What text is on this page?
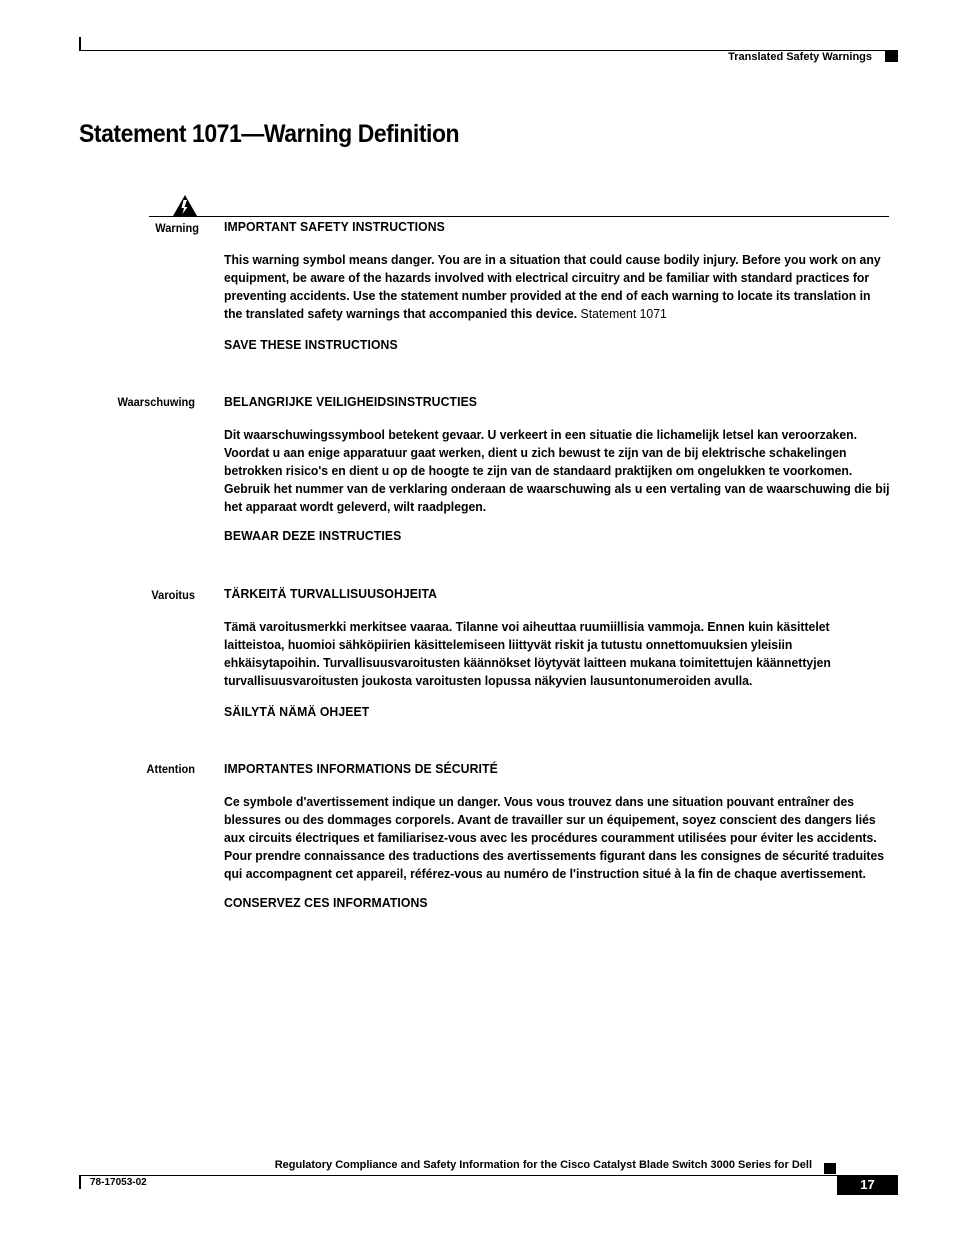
Translated Safety Warnings
Statement 1071—Warning Definition
Warning IMPORTANT SAFETY INSTRUCTIONS
This warning symbol means danger. You are in a situation that could cause bodily injury. Before you work on any equipment, be aware of the hazards involved with electrical circuitry and be familiar with standard practices for preventing accidents. Use the statement number provided at the end of each warning to locate its translation in the translated safety warnings that accompanied this device. Statement 1071
SAVE THESE INSTRUCTIONS
Waarschuwing BELANGRIJKE VEILIGHEIDSINSTRUCTIES
Dit waarschuwingssymbool betekent gevaar. U verkeert in een situatie die lichamelijk letsel kan veroorzaken. Voordat u aan enige apparatuur gaat werken, dient u zich bewust te zijn van de bij elektrische schakelingen betrokken risico's en dient u op de hoogte te zijn van de standaard praktijken om ongelukken te voorkomen. Gebruik het nummer van de verklaring onderaan de waarschuwing als u een vertaling van de waarschuwing die bij het apparaat wordt geleverd, wilt raadplegen.
BEWAAR DEZE INSTRUCTIES
Varoitus TÄRKEITÄ TURVALLISUUSOHJEITA
Tämä varoitusmerkki merkitsee vaaraa. Tilanne voi aiheuttaa ruumiillisia vammoja. Ennen kuin käsittelet laitteistoa, huomioi sähköpiirien käsittelemiseen liittyvät riskit ja tutustu onnettomuuksien yleisiin ehkäisytapoihin. Turvallisuusvaroitusten käännökset löytyvät laitteen mukana toimitettujen käännettyjen turvallisuusvaroitusten joukosta varoitusten lopussa näkyvien lausuntonumeroiden avulla.
SÄILYTÄ NÄMÄ OHJEET
Attention IMPORTANTES INFORMATIONS DE SÉCURITÉ
Ce symbole d'avertissement indique un danger. Vous vous trouvez dans une situation pouvant entraîner des blessures ou des dommages corporels. Avant de travailler sur un équipement, soyez conscient des dangers liés aux circuits électriques et familiarisez-vous avec les procédures couramment utilisées pour éviter les accidents. Pour prendre connaissance des traductions des avertissements figurant dans les consignes de sécurité traduites qui accompagnent cet appareil, référez-vous au numéro de l'instruction situé à la fin de chaque avertissement.
CONSERVEZ CES INFORMATIONS
Regulatory Compliance and Safety Information for the Cisco Catalyst Blade Switch 3000 Series for Dell
78-17053-02	17
